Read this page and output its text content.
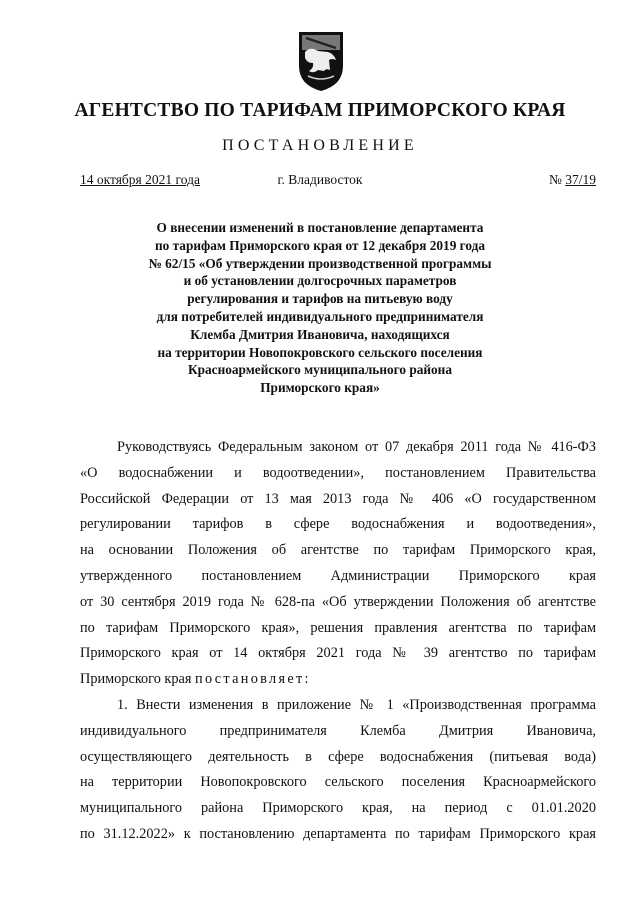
АГЕНТСТВО ПО ТАРИФАМ ПРИМОРСКОГО КРАЯ
ПОСТАНОВЛЕНИЕ
14 октября 2021 года	г. Владивосток	№ 37/19
О внесении изменений в постановление департамента
по тарифам Приморского края от 12 декабря 2019 года
№ 62/15 «Об утверждении производственной программы
и об установлении долгосрочных параметров
регулирования и тарифов на питьевую воду
для потребителей индивидуального предпринимателя
Клемба Дмитрия Ивановича, находящихся
на территории Новопокровского сельского поселения
Красноармейского муниципального района
Приморского края»
Руководствуясь Федеральным законом от 07 декабря 2011 года № 416-ФЗ
«О водоснабжении и водоотведении», постановлением Правительства
Российской Федерации от 13 мая 2013 года № 406 «О государственном
регулировании тарифов в сфере водоснабжения и водоотведения»,
на основании Положения об агентстве по тарифам Приморского края,
утвержденного постановлением Администрации Приморского края
от 30 сентября 2019 года № 628-па «Об утверждении Положения об агентстве
по тарифам Приморского края», решения правления агентства по тарифам
Приморского края от 14 октября 2021 года № 39 агентство по тарифам
Приморского края постановляет:
1. Внести изменения в приложение № 1 «Производственная программа
индивидуального предпринимателя Клемба Дмитрия Ивановича,
осуществляющего деятельность в сфере водоснабжения (питьевая вода)
на территории Новопокровского сельского поселения Красноармейского
муниципального района Приморского края, на период с 01.01.2020
по 31.12.2022» к постановлению департамента по тарифам Приморского края
